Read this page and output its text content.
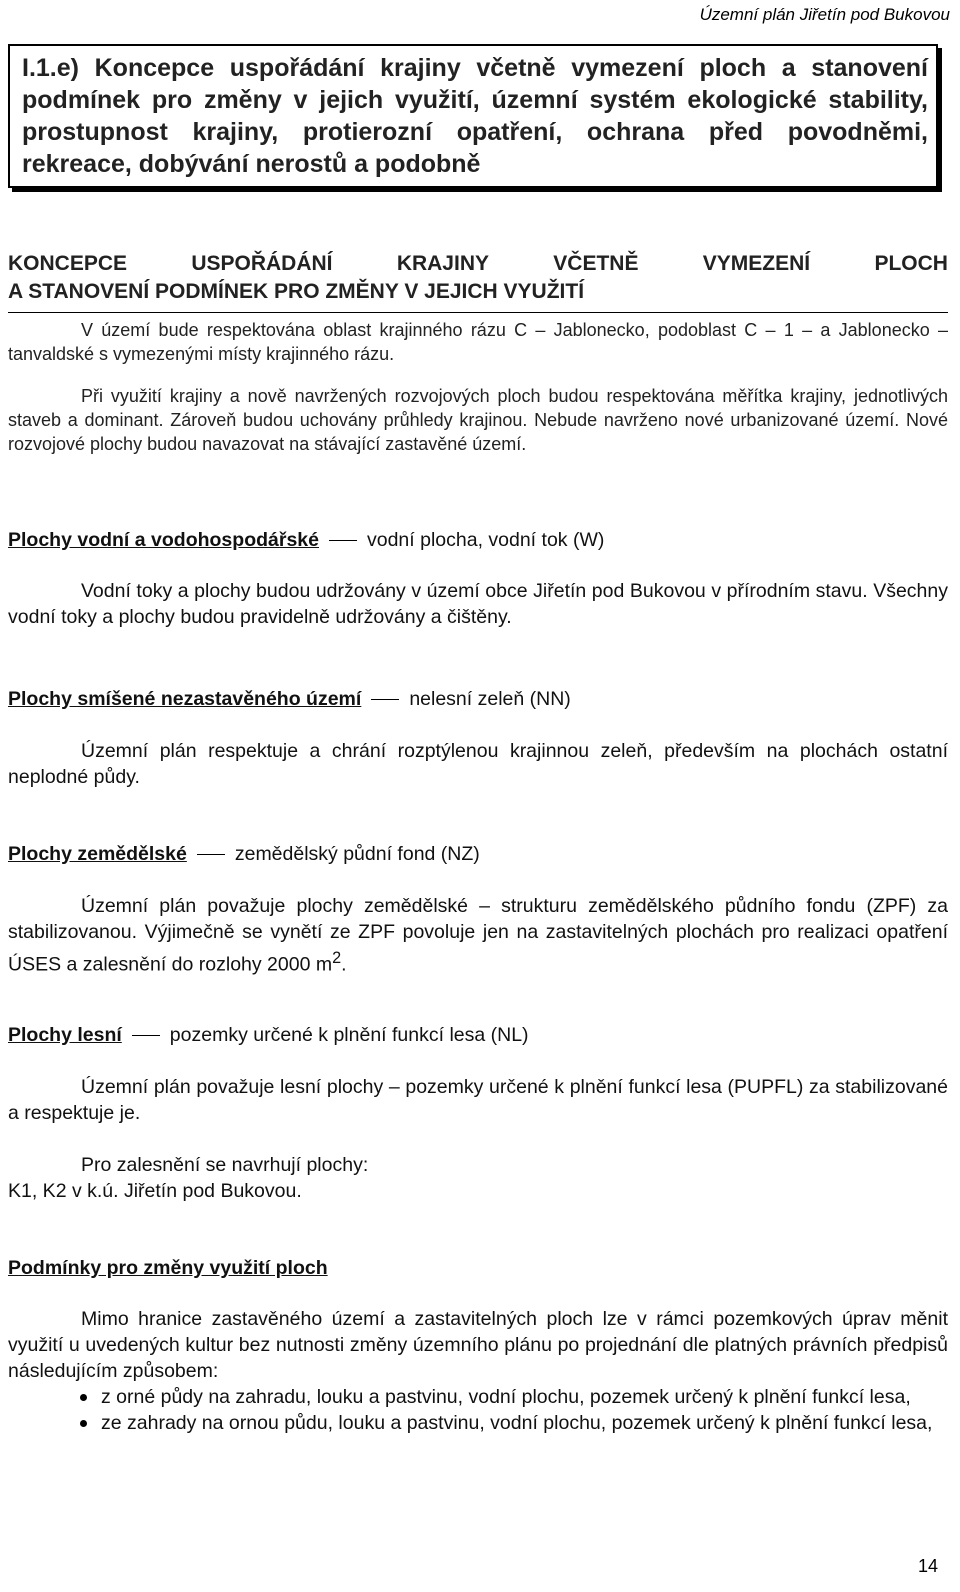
Územní plán Jiřetín pod Bukovou

I.1.e) Koncepce uspořádání krajiny včetně vymezení ploch a stanovení podmínek pro změny v jejich využití, územní systém ekologické stability, prostupnost krajiny, protierozní opatření, ochrana před povodněmi, rekreace, dobývání nerostů a podobně

KONCEPCE	USPOŘÁDÁNÍ	KRAJINY	VČETNĚ	VYMEZENÍ	PLOCH
A STANOVENÍ PODMÍNEK PRO ZMĚNY V JEJICH VYUŽITÍ

V území bude respektována oblast krajinného rázu C – Jablonecko, podoblast C – 1 – a Jablonecko – tanvaldské s vymezenými místy krajinného rázu.

Při využití krajiny a nově navržených rozvojových ploch budou respektována měřítka krajiny, jednotlivých staveb a dominant. Zároveň budou uchovány průhledy krajinou. Nebude navrženo nové urbanizované území. Nové rozvojové plochy budou navazovat na stávající zastavěné území.

Plochy vodní a vodohospodářské vodní plocha, vodní tok (W)

Vodní toky a plochy budou udržovány v území obce Jiřetín pod Bukovou v přírodním stavu. Všechny vodní toky a plochy budou pravidelně udržovány a čištěny.

Plochy smíšené nezastavěného území nelesní zeleň (NN)

Územní plán respektuje a chrání rozptýlenou krajinnou zeleň, především na plochách ostatní neplodné půdy.

Plochy zemědělské zemědělský půdní fond (NZ)

Územní plán považuje plochy zemědělské – strukturu zemědělského půdního fondu (ZPF) za stabilizovanou. Výjimečně se vynětí ze ZPF povoluje jen na zastavitelných plochách pro realizaci opatření ÚSES a zalesnění do rozlohy 2000 $m^2$.

Plochy lesní pozemky určené k plnění funkcí lesa (NL)

Územní plán považuje lesní plochy – pozemky určené k plnění funkcí lesa (PUPFL) za stabilizované a respektuje je.

Pro zalesnění se navrhují plochy:

K1, K2 v k.ú. Jiřetín pod Bukovou.

Podmínky pro změny využití ploch

Mimo hranice zastavěného území a zastavitelných ploch lze v rámci pozemkových úprav měnit využití u uvedených kultur bez nutnosti změny územního plánu po projednání dle platných právních předpisů následujícím způsobem:

z orné půdy na zahradu, louku a pastvinu, vodní plochu, pozemek určený k plnění funkcí lesa,
ze zahrady na ornou půdu, louku a pastvinu, vodní plochu, pozemek určený k plnění funkcí lesa,
14
